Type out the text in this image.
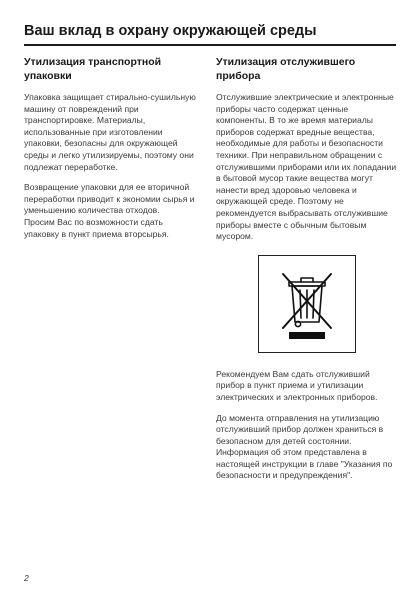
Ваш вклад в охрану окружающей среды
Утилизация транспортной упаковки

Упаковка защищает стирально-сушильную машину от повреждений при транспортировке. Материалы, использованные при изготовлении упаковки, безопасны для окружающей среды и легко утилизируемы, поэтому они подлежат переработке.

Возвращение упаковки для ее вторичной переработки приводит к экономии сырья и уменьшению количества отходов.

Просим Вас по возможности сдать упаковку в пункт приема вторсырья.

Утилизация отслужившего прибора

Отслужившие электрические и электронные приборы часто содержат ценные компоненты. В то же время материалы приборов содержат вредные вещества, необходимые для работы и безопасности техники. При неправильном обращении с отслужившими приборами или их попадании в бытовой мусор такие вещества могут нанести вред здоровью человека и окружающей среде. Поэтому не рекомендуется выбрасывать отслужившие приборы вместе с обычным бытовым мусором.

Рекомендуем Вам сдать отслуживший прибор в пункт приема и утилизации электрических и электронных приборов.

До момента отправления на утилизацию отслуживший прибор должен храниться в безопасном для детей состоянии. Информация об этом представлена в настоящей инструкции в главе "Указания по безопасности и предупреждения".

2
